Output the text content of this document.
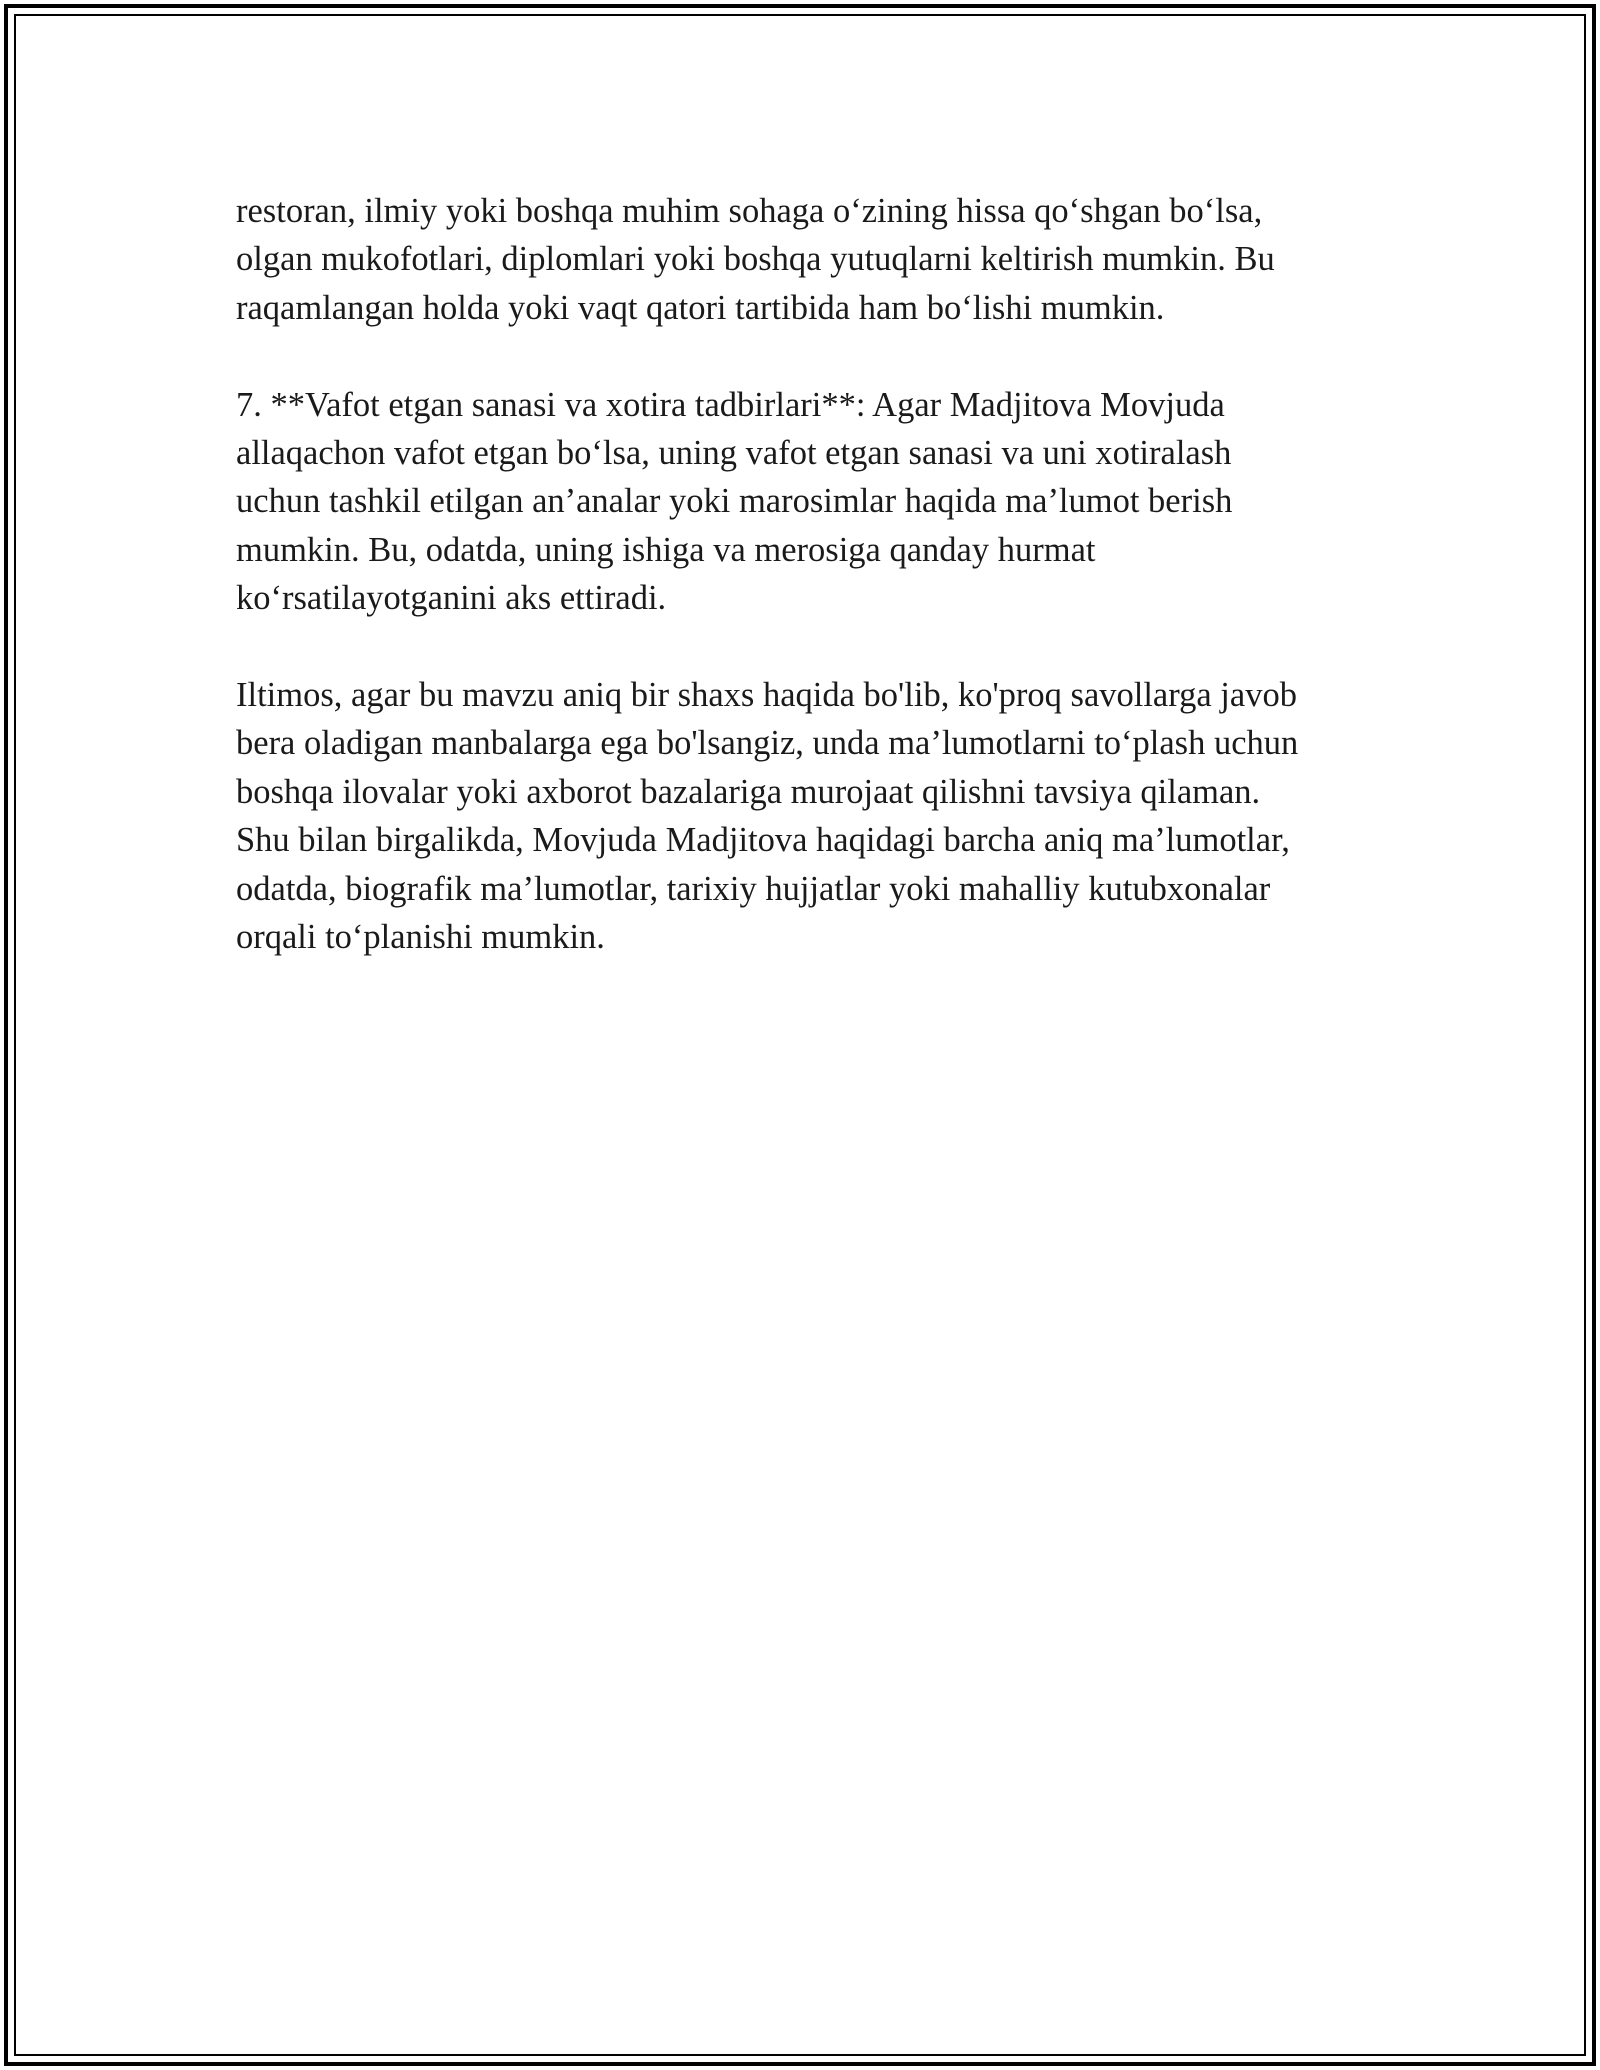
restoran, ilmiy yoki boshqa muhim sohaga o‘zining hissa qo‘shgan bo‘lsa,
olgan mukofotlari, diplomlari yoki boshqa yutuqlarni keltirish mumkin. Bu
raqamlangan holda yoki vaqt qatori tartibida ham bo‘lishi mumkin.

7. **Vafot etgan sanasi va xotira tadbirlari**: Agar Madjitova Movjuda
allaqachon vafot etgan bo‘lsa, uning vafot etgan sanasi va uni xotiralash
uchun tashkil etilgan an’analar yoki marosimlar haqida ma’lumot berish
mumkin. Bu, odatda, uning ishiga va merosiga qanday hurmat
ko‘rsatilayotganini aks ettiradi.

Iltimos, agar bu mavzu aniq bir shaxs haqida bo'lib, ko'proq savollarga javob
bera oladigan manbalarga ega bo'lsangiz, unda ma’lumotlarni to‘plash uchun
boshqa ilovalar yoki axborot bazalariga murojaat qilishni tavsiya qilaman.
Shu bilan birgalikda, Movjuda Madjitova haqidagi barcha aniq ma’lumotlar,
odatda, biografik ma’lumotlar, tarixiy hujjatlar yoki mahalliy kutubxonalar
orqali to‘planishi mumkin.
